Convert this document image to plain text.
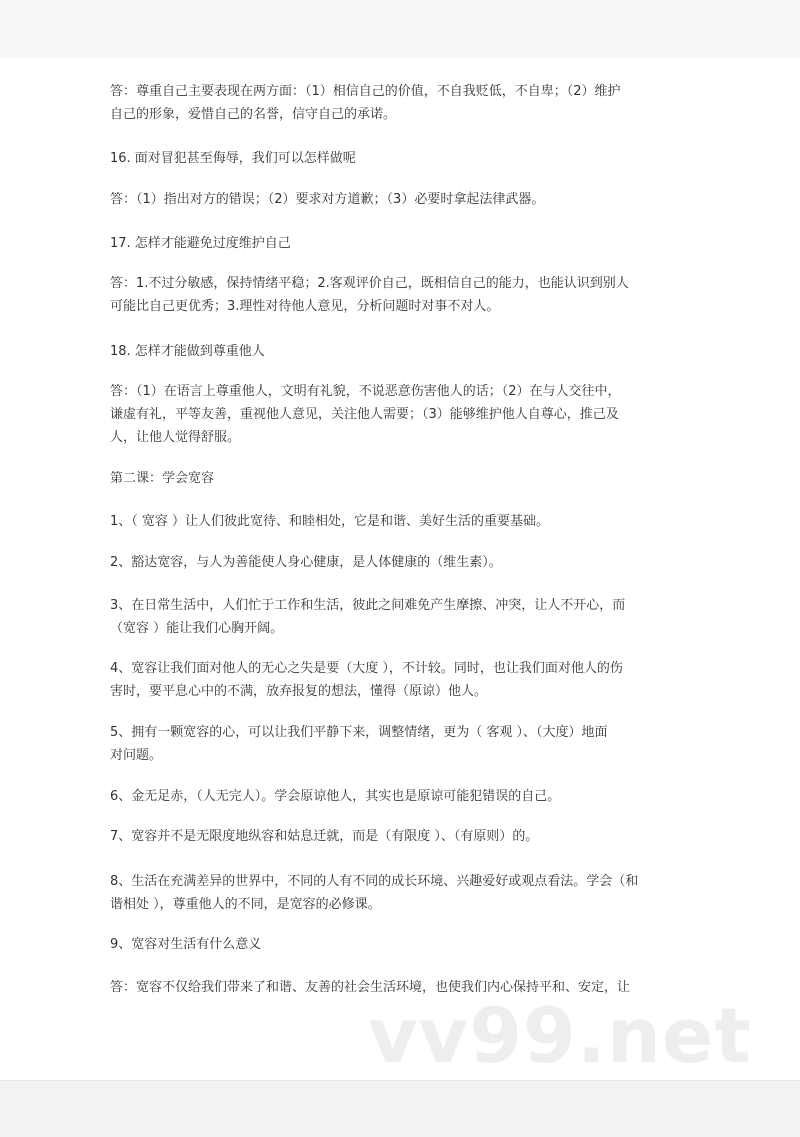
答：尊重自己主要表现在两方面：（1）相信自己的价值，不自我贬低，不自卑；（2）维护
自己的形象，爱惜自己的名誉，信守自己的承诺。
16. 面对冒犯甚至侮辱，我们可以怎样做呢
答：（1）指出对方的错误；（2）要求对方道歉；（3）必要时拿起法律武器。
17. 怎样才能避免过度维护自己
答：1.不过分敏感，保持情绪平稳；2.客观评价自己，既相信自己的能力，也能认识到别人
可能比自己更优秀；3.理性对待他人意见，分析问题时对事不对人。
18. 怎样才能做到尊重他人
答：（1）在语言上尊重他人，文明有礼貌，不说恶意伤害他人的话；（2）在与人交往中，
谦虚有礼，平等友善，重视他人意见，关注他人需要；（3）能够维护他人自尊心，推己及
人，让他人觉得舒服。
第二课：学会宽容
1、（ 宽容 ）让人们彼此宽待、和睦相处，它是和谐、美好生活的重要基础。
2、豁达宽容，与人为善能使人身心健康，是人体健康的（维生素）。
3、在日常生活中，人们忙于工作和生活，彼此之间难免产生摩擦、冲突，让人不开心，而
（宽容 ）能让我们心胸开阔。
4、宽容让我们面对他人的无心之失是要（大度 ），不计较。同时，也让我们面对他人的伤
害时，要平息心中的不满，放弃报复的想法，懂得（原谅）他人。
5、拥有一颗宽容的心，可以让我们平静下来，调整情绪，更为（ 客观 ）、（大度）地面
对问题。
6、金无足赤，（人无完人）。学会原谅他人，其实也是原谅可能犯错误的自己。
7、宽容并不是无限度地纵容和姑息迁就，而是（有限度 ）、（有原则）的。
8、生活在充满差异的世界中，不同的人有不同的成长环境、兴趣爱好或观点看法。学会（和
谐相处 ），尊重他人的不同，是宽容的必修课。
9、宽容对生活有什么意义
答：宽容不仅给我们带来了和谐、友善的社会生活环境，也使我们内心保持平和、安定，让
vv99.net
